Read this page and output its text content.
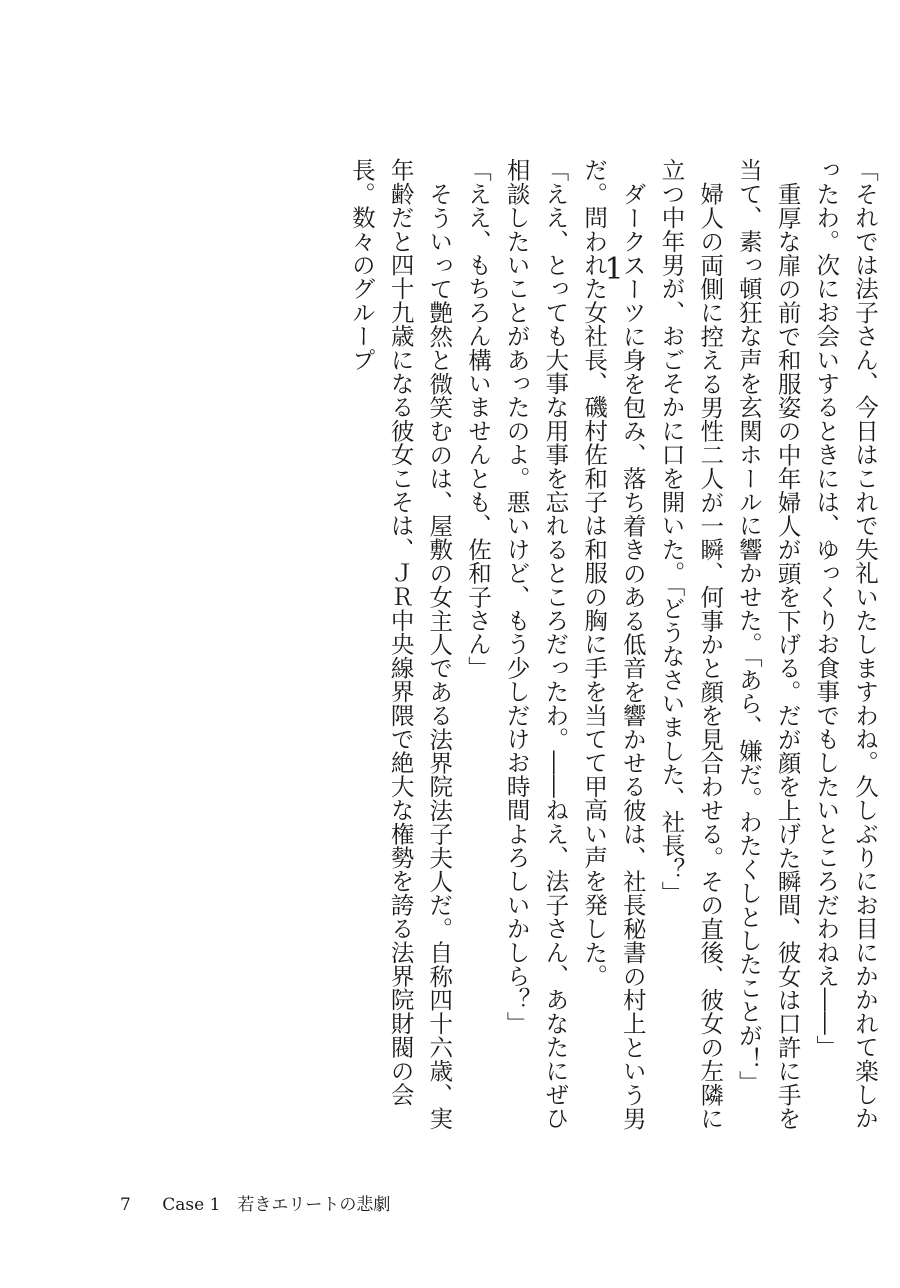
1	「それでは法子さん、今日はこれで失礼いたしますわね。久しぶりにお目にかかれて楽しかったわ。次にお会いするときには、ゆっくりお食事でもしたいところだわねえ――」

重厚な扉の前で和服姿の中年婦人が頭を下げる。だが顔を上げた瞬間、彼女は口許に手を当て、素っ頓狂な声を玄関ホールに響かせた。「あら、嫌だ。わたくしとしたことが！」

婦人の両側に控える男性二人が一瞬、何事かと顔を見合わせる。その直後、彼女の左隣に立つ中年男が、おごそかに口を開いた。「どうなさいました、社長？」

ダークスーツに身を包み、落ち着きのある低音を響かせる彼は、社長秘書の村上という男だ。問われた女社長、磯村佐和子は和服の胸に手を当てて甲高い声を発した。

「ええ、とっても大事な用事を忘れるところだったわ。――ねえ、法子さん、あなたにぜひ相談したいことがあったのよ。悪いけど、もう少しだけお時間よろしいかしら？」

「ええ、もちろん構いませんとも、佐和子さん」

そういって艶然と微笑むのは、屋敷の女主人である法界院法子夫人だ。自称四十六歳、実年齢だと四十九歳になる彼女こそは、ＪＲ中央線界隈で絶大な権勢を誇る法界院財閥の会長。数々のグループ

7 Case 1　若きエリートの悲劇
